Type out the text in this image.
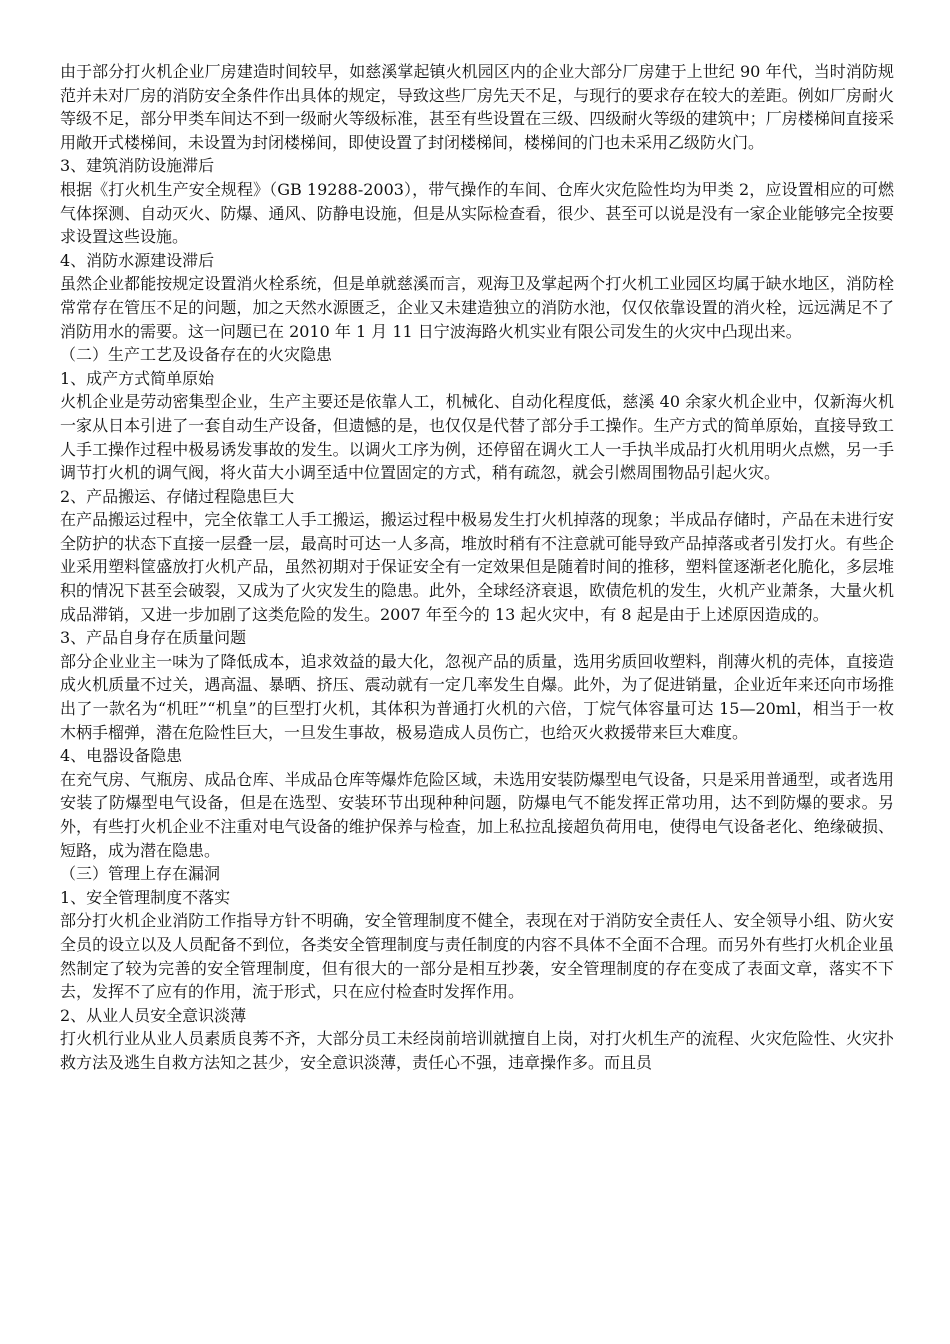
由于部分打火机企业厂房建造时间较早，如慈溪掌起镇火机园区内的企业大部分厂房建于上世纪 90 年代，当时消防规范并未对厂房的消防安全条件作出具体的规定，导致这些厂房先天不足，与现行的要求存在较大的差距。例如厂房耐火等级不足，部分甲类车间达不到一级耐火等级标准，甚至有些设置在三级、四级耐火等级的建筑中；厂房楼梯间直接采用敞开式楼梯间，未设置为封闭楼梯间，即使设置了封闭楼梯间，楼梯间的门也未采用乙级防火门。

3、建筑消防设施滞后

根据《打火机生产安全规程》（GB 19288-2003），带气操作的车间、仓库火灾危险性均为甲类 2，应设置相应的可燃气体探测、自动灭火、防爆、通风、防静电设施，但是从实际检查看，很少、甚至可以说是没有一家企业能够完全按要求设置这些设施。

4、消防水源建设滞后

虽然企业都能按规定设置消火栓系统，但是单就慈溪而言，观海卫及掌起两个打火机工业园区均属于缺水地区，消防栓常常存在管压不足的问题，加之天然水源匮乏，企业又未建造独立的消防水池，仅仅依靠设置的消火栓，远远满足不了消防用水的需要。这一问题已在 2010 年 1 月 11 日宁波海路火机实业有限公司发生的火灾中凸现出来。

（二）生产工艺及设备存在的火灾隐患

1、成产方式简单原始

火机企业是劳动密集型企业，生产主要还是依靠人工，机械化、自动化程度低，慈溪 40 余家火机企业中，仅新海火机一家从日本引进了一套自动生产设备，但遗憾的是，也仅仅是代替了部分手工操作。生产方式的简单原始，直接导致工人手工操作过程中极易诱发事故的发生。以调火工序为例，还停留在调火工人一手执半成品打火机用明火点燃，另一手调节打火机的调气阀，将火苗大小调至适中位置固定的方式，稍有疏忽，就会引燃周围物品引起火灾。

2、产品搬运、存储过程隐患巨大

在产品搬运过程中，完全依靠工人手工搬运，搬运过程中极易发生打火机掉落的现象；半成品存储时，产品在未进行安全防护的状态下直接一层叠一层，最高时可达一人多高，堆放时稍有不注意就可能导致产品掉落或者引发打火。有些企业采用塑料筐盛放打火机产品，虽然初期对于保证安全有一定效果但是随着时间的推移，塑料筐逐渐老化脆化，多层堆积的情况下甚至会破裂，又成为了火灾发生的隐患。此外，全球经济衰退，欧债危机的发生，火机产业萧条，大量火机成品滞销，又进一步加剧了这类危险的发生。2007 年至今的 13 起火灾中，有 8 起是由于上述原因造成的。

3、产品自身存在质量问题

部分企业业主一味为了降低成本，追求效益的最大化，忽视产品的质量，选用劣质回收塑料，削薄火机的壳体，直接造成火机质量不过关，遇高温、暴晒、挤压、震动就有一定几率发生自爆。此外，为了促进销量，企业近年来还向市场推出了一款名为“机旺”“机皇”的巨型打火机，其体积为普通打火机的六倍，丁烷气体容量可达 15—20ml，相当于一枚木柄手榴弹，潜在危险性巨大，一旦发生事故，极易造成人员伤亡，也给灭火救援带来巨大难度。

4、电器设备隐患

在充气房、气瓶房、成品仓库、半成品仓库等爆炸危险区域，未选用安装防爆型电气设备，只是采用普通型，或者选用安装了防爆型电气设备，但是在选型、安装环节出现种种问题，防爆电气不能发挥正常功用，达不到防爆的要求。另外，有些打火机企业不注重对电气设备的维护保养与检查，加上私拉乱接超负荷用电，使得电气设备老化、绝缘破损、短路，成为潜在隐患。

（三）管理上存在漏洞

1、安全管理制度不落实

部分打火机企业消防工作指导方针不明确，安全管理制度不健全，表现在对于消防安全责任人、安全领导小组、防火安全员的设立以及人员配备不到位，各类安全管理制度与责任制度的内容不具体不全面不合理。而另外有些打火机企业虽然制定了较为完善的安全管理制度，但有很大的一部分是相互抄袭，安全管理制度的存在变成了表面文章，落实不下去，发挥不了应有的作用，流于形式，只在应付检查时发挥作用。

2、从业人员安全意识淡薄

打火机行业从业人员素质良莠不齐，大部分员工未经岗前培训就擅自上岗，对打火机生产的流程、火灾危险性、火灾扑救方法及逃生自救方法知之甚少，安全意识淡薄，责任心不强，违章操作多。而且员
